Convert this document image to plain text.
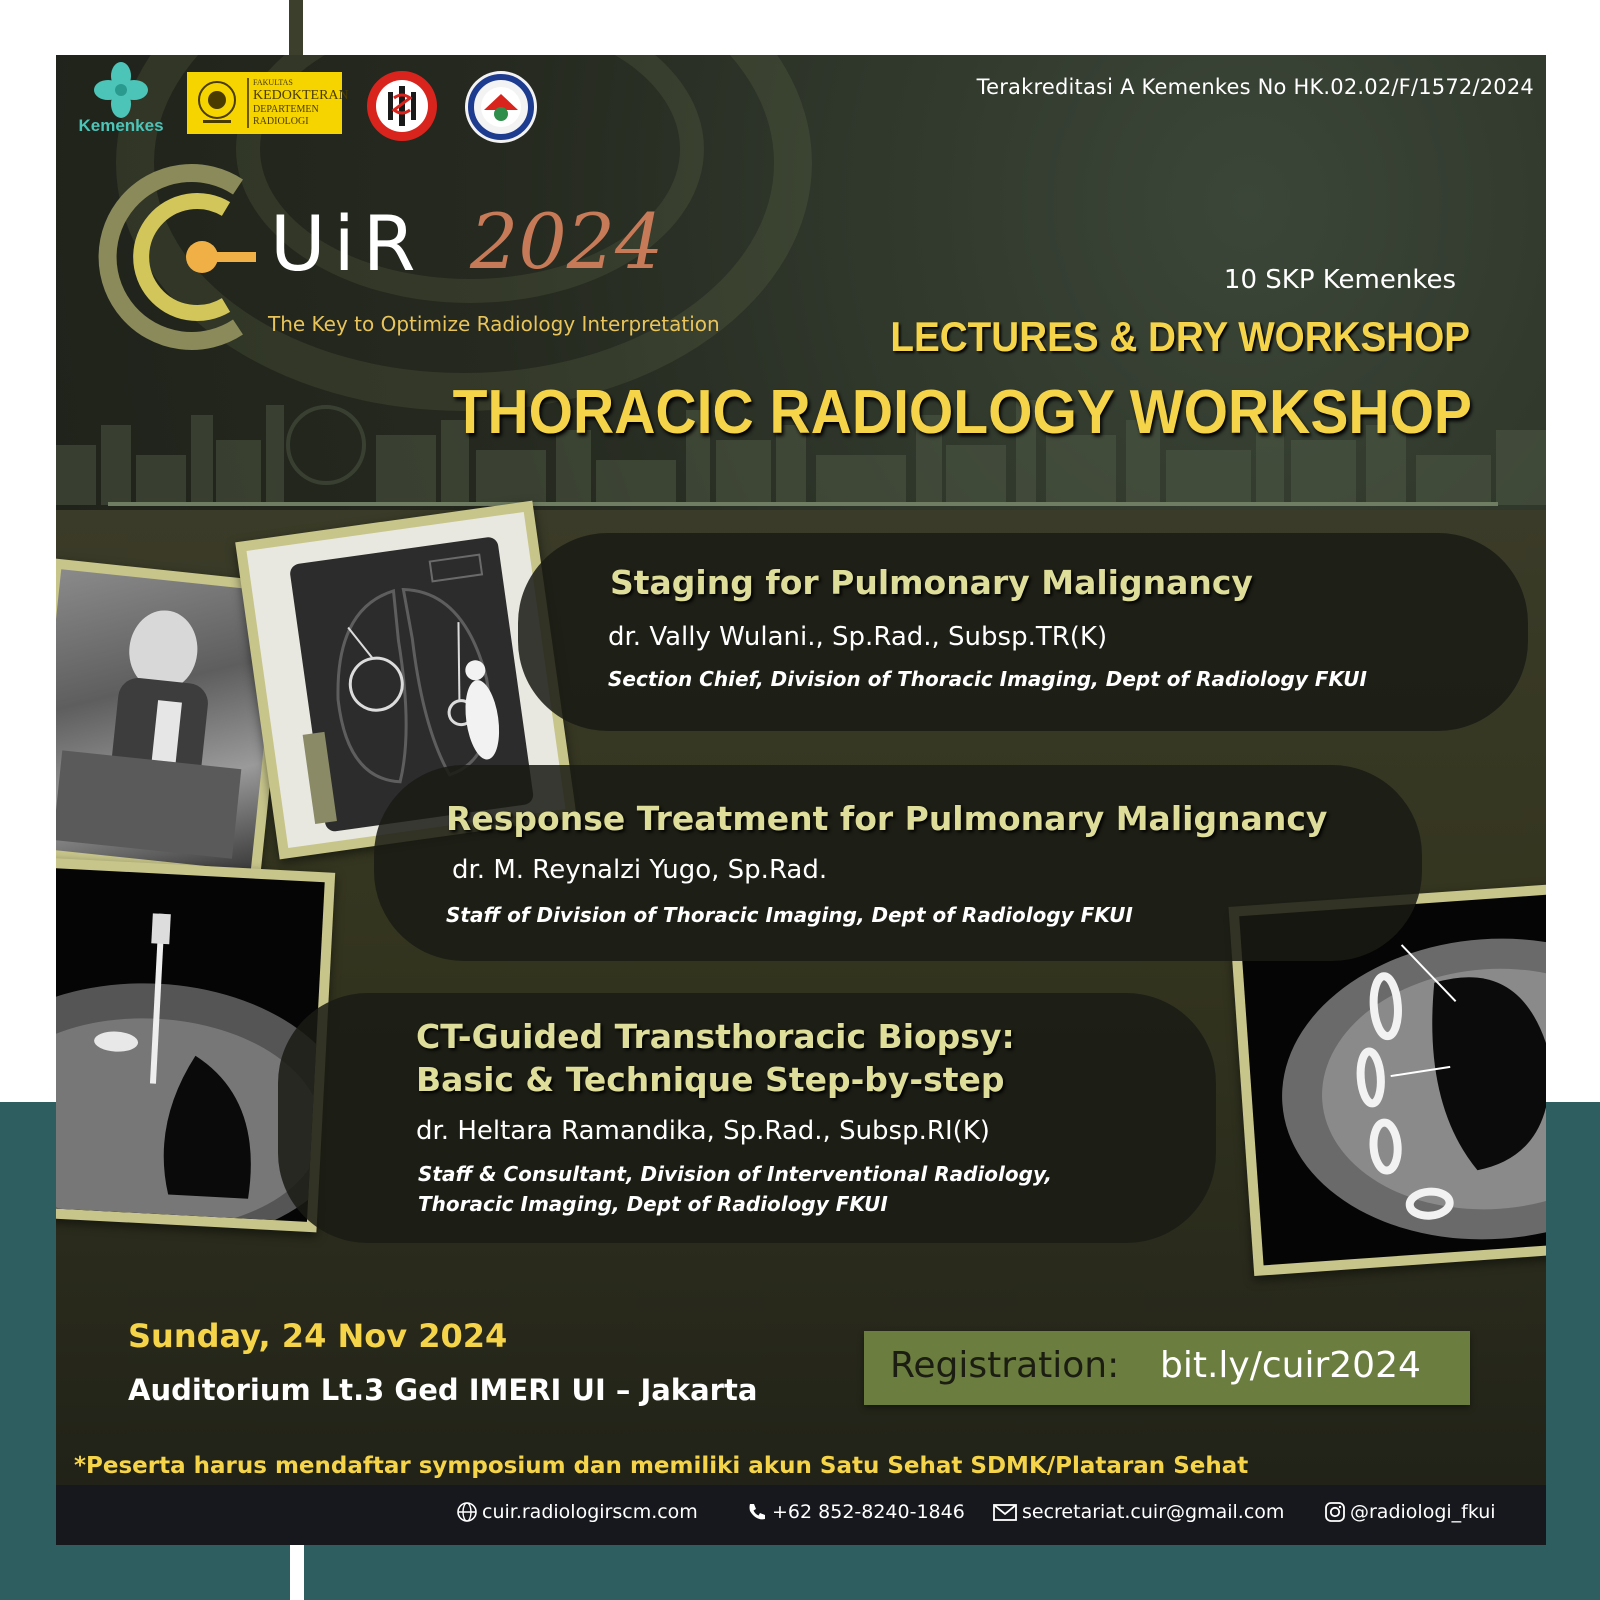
Kemenkes
FAKULTAS
KEDOKTERAN
DEPARTEMEN
RADIOLOGI
Terakreditasi A Kemenkes No HK.02.02/F/1572/2024
UiR 2024
The Key to Optimize Radiology Interpretation
10 SKP Kemenkes
LECTURES & DRY WORKSHOP
THORACIC RADIOLOGY WORKSHOP
Staging for Pulmonary Malignancy
dr. Vally Wulani., Sp.Rad., Subsp.TR(K)
Section Chief, Division of Thoracic Imaging, Dept of Radiology FKUI
Response Treatment for Pulmonary Malignancy
dr. M. Reynalzi Yugo, Sp.Rad.
Staff of Division of Thoracic Imaging, Dept of Radiology FKUI
CT-Guided Transthoracic Biopsy:
Basic & Technique Step-by-step
dr. Heltara Ramandika, Sp.Rad., Subsp.RI(K)
Staff & Consultant, Division of Interventional Radiology,
Thoracic Imaging, Dept of Radiology FKUI
Sunday, 24 Nov 2024
Auditorium Lt.3 Ged IMERI UI – Jakarta
Registration: bit.ly/cuir2024
*Peserta harus mendaftar symposium dan memiliki akun Satu Sehat SDMK/Plataran Sehat
cuir.radiologirscm.com	+62 852-8240-1846	secretariat.cuir@gmail.com	@radiologi_fkui
